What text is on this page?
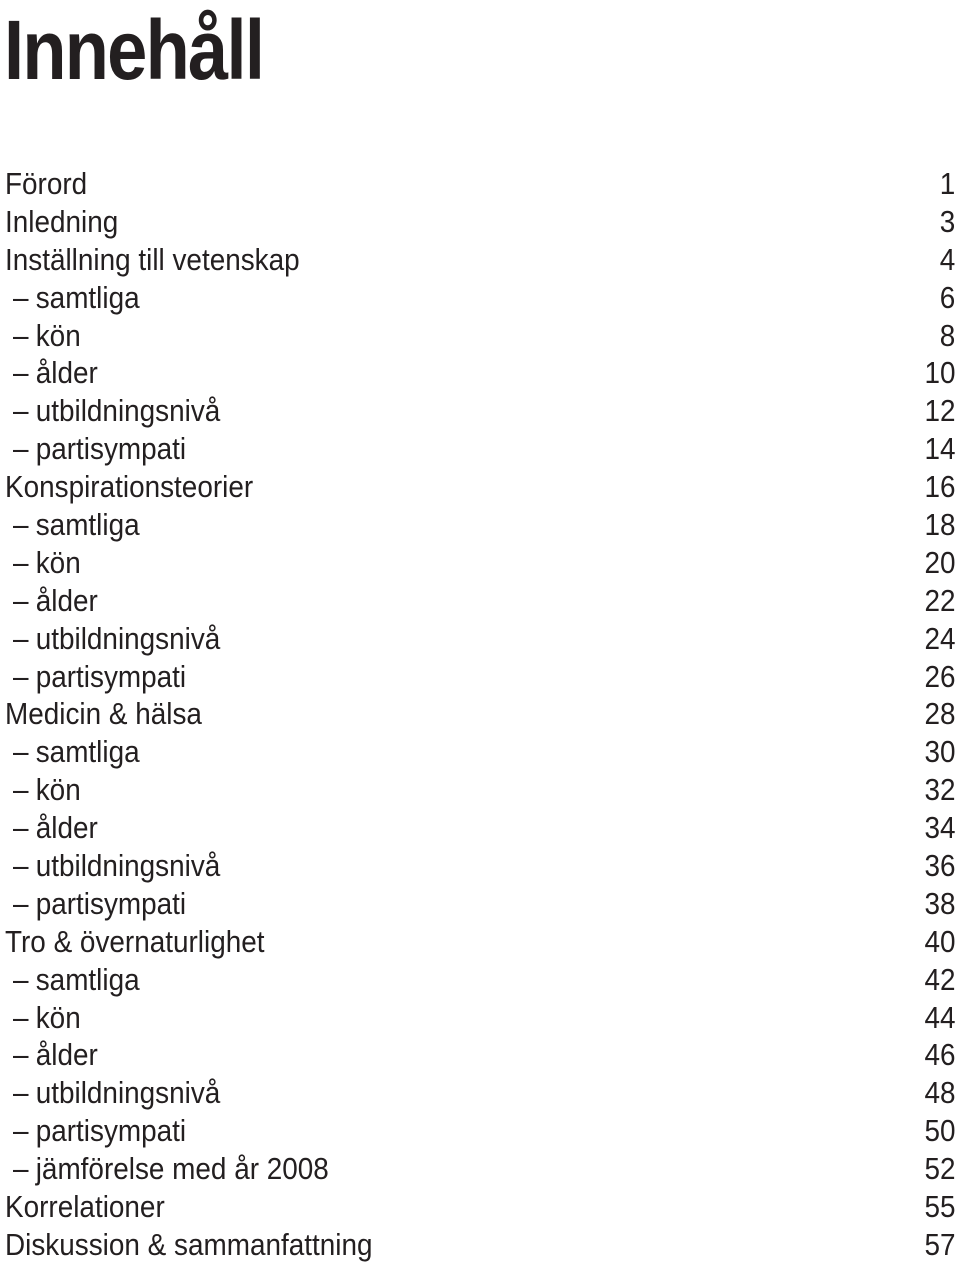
Innehåll
Förord	1
Inledning	3
Inställning till vetenskap	4
– samtliga	6
– kön	8
– ålder	10
– utbildningsnivå	12
– partisympati	14
Konspirationsteorier	16
– samtliga	18
– kön	20
– ålder	22
– utbildningsnivå	24
– partisympati	26
Medicin & hälsa	28
– samtliga	30
– kön	32
– ålder	34
– utbildningsnivå	36
– partisympati	38
Tro & övernaturlighet	40
– samtliga	42
– kön	44
– ålder	46
– utbildningsnivå	48
– partisympati	50
– jämförelse med år 2008	52
Korrelationer	55
Diskussion & sammanfattning	57
